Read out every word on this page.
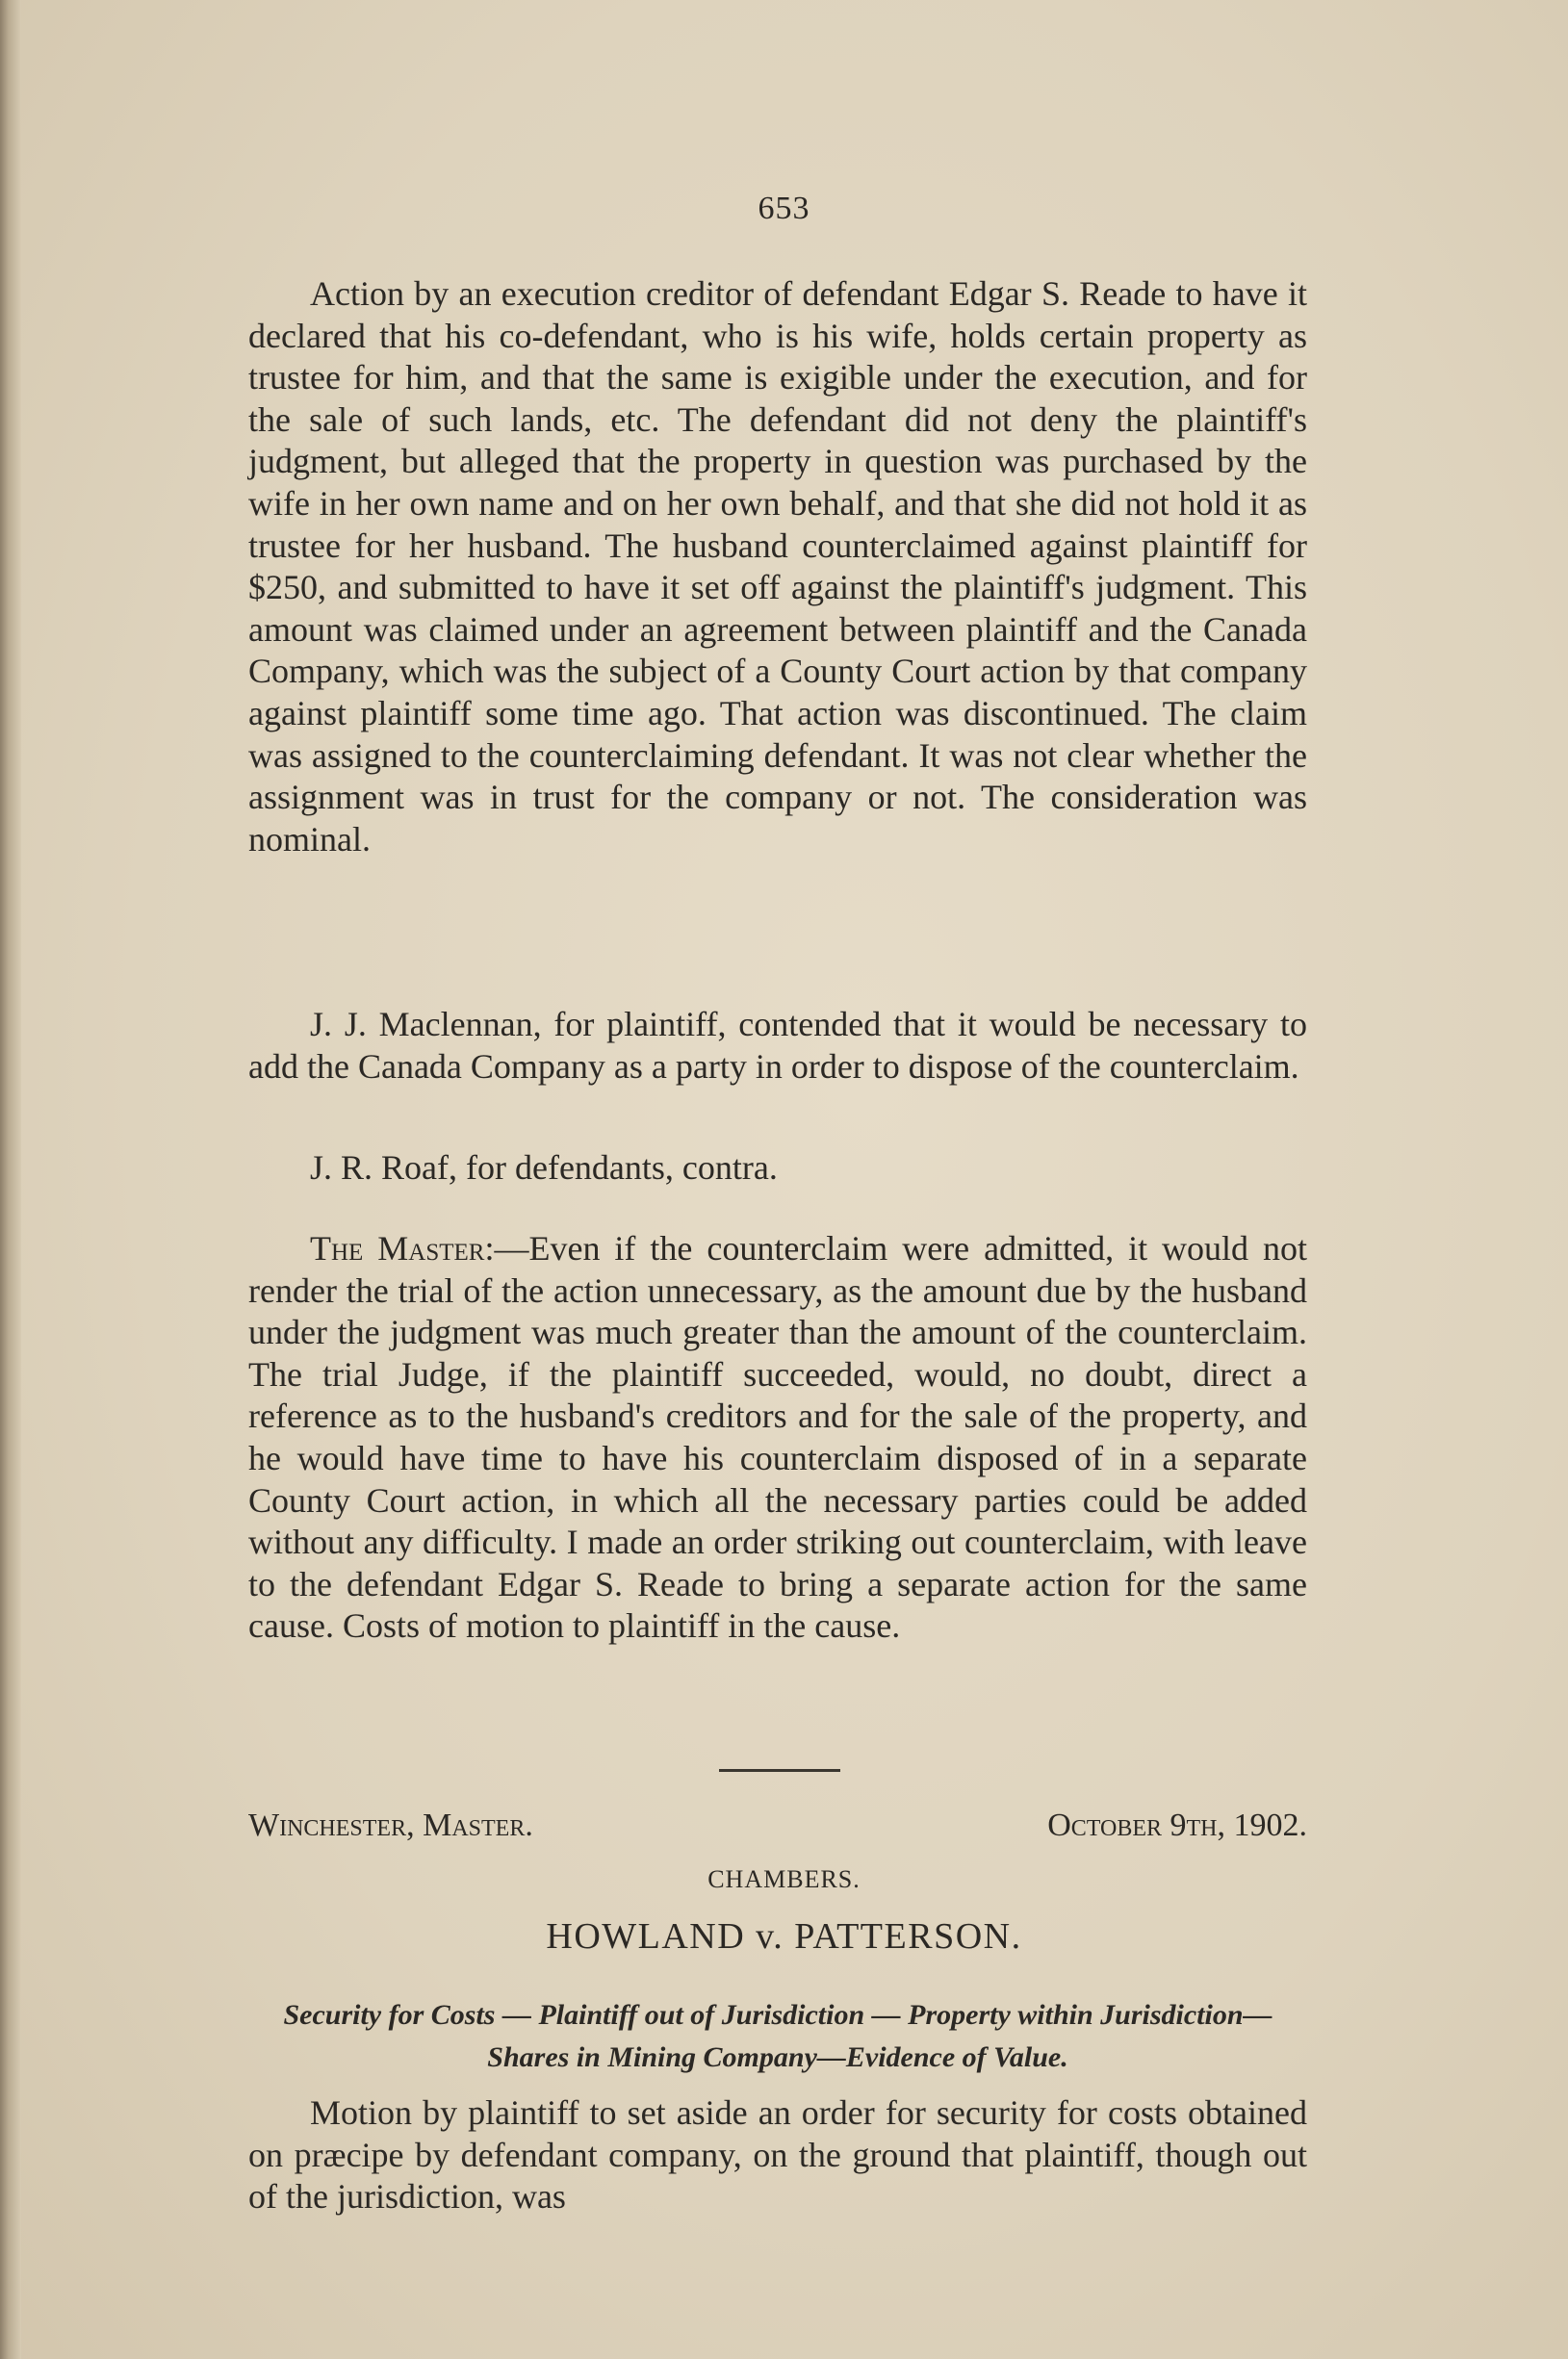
653

Action by an execution creditor of defendant Edgar S. Reade to have it declared that his co-defendant, who is his wife, holds certain property as trustee for him, and that the same is exigible under the execution, and for the sale of such lands, etc. The defendant did not deny the plaintiff's judgment, but alleged that the property in question was purchased by the wife in her own name and on her own behalf, and that she did not hold it as trustee for her husband. The husband counterclaimed against plaintiff for $250, and submitted to have it set off against the plaintiff's judgment. This amount was claimed under an agreement between plaintiff and the Canada Company, which was the subject of a County Court action by that company against plaintiff some time ago. That action was discontinued. The claim was assigned to the counterclaiming defendant. It was not clear whether the assignment was in trust for the company or not. The consideration was nominal.

J. J. Maclennan, for plaintiff, contended that it would be necessary to add the Canada Company as a party in order to dispose of the counterclaim.

J. R. Roaf, for defendants, contra.

The Master:—Even if the counterclaim were admitted, it would not render the trial of the action unnecessary, as the amount due by the husband under the judgment was much greater than the amount of the counterclaim. The trial Judge, if the plaintiff succeeded, would, no doubt, direct a reference as to the husband's creditors and for the sale of the property, and he would have time to have his counterclaim disposed of in a separate County Court action, in which all the necessary parties could be added without any difficulty. I made an order striking out counterclaim, with leave to the defendant Edgar S. Reade to bring a separate action for the same cause. Costs of motion to plaintiff in the cause.

Winchester, Master.	October 9th, 1902.
CHAMBERS.
HOWLAND v. PATTERSON.
Security for Costs — Plaintiff out of Jurisdiction — Property within Jurisdiction—Shares in Mining Company—Evidence of Value.

Motion by plaintiff to set aside an order for security for costs obtained on præcipe by defendant company, on the ground that plaintiff, though out of the jurisdiction, was
